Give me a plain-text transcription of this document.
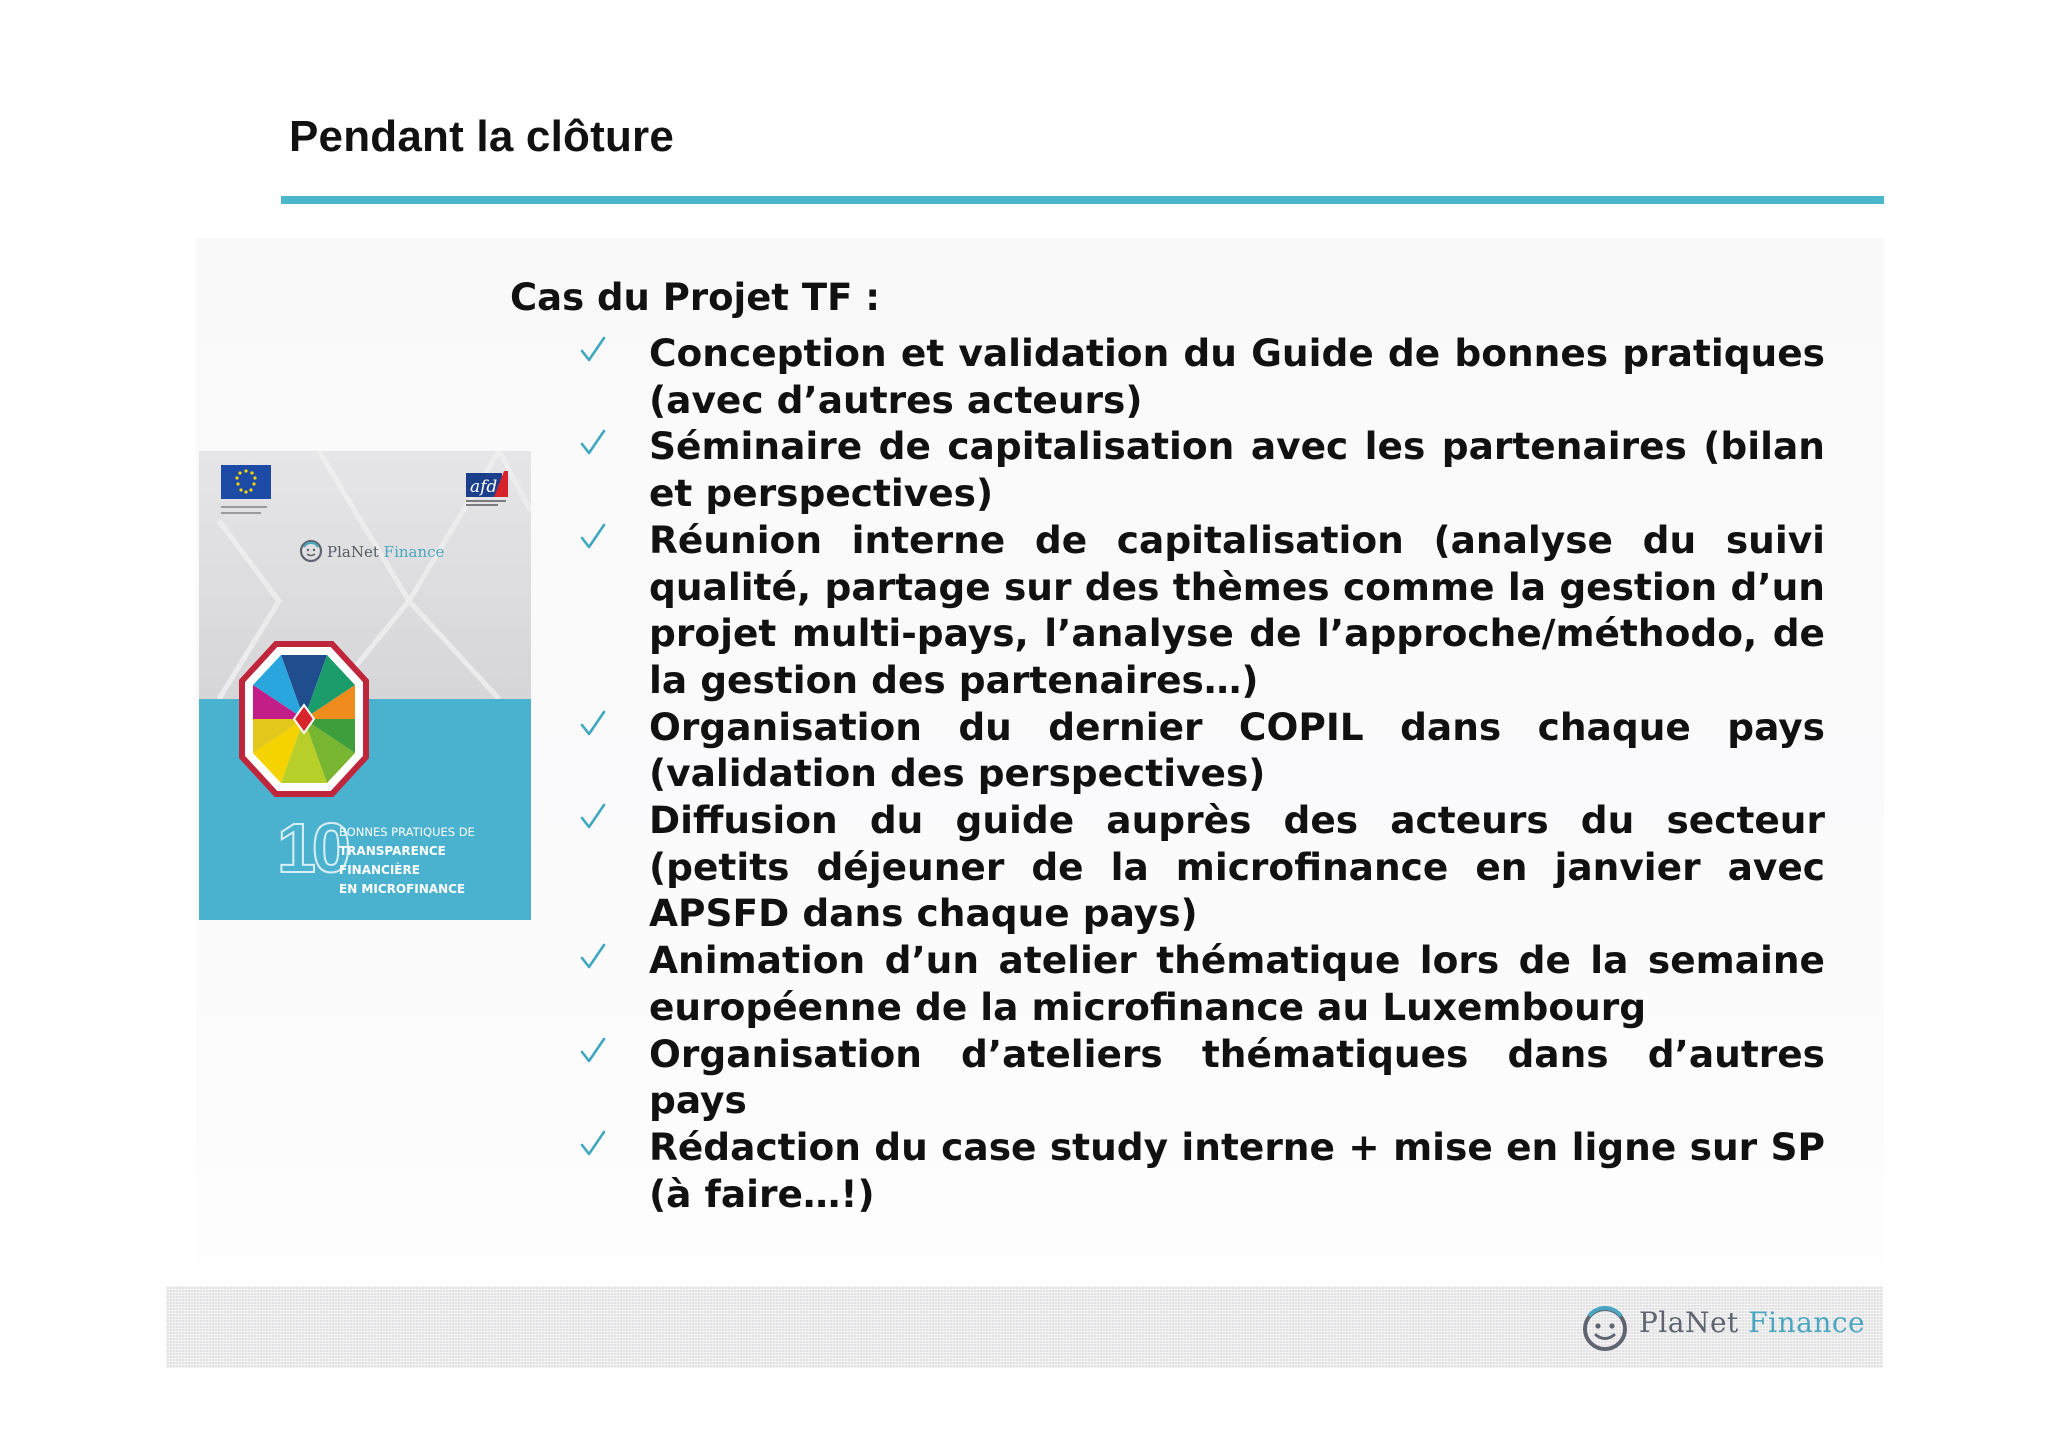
Pendant la clôture
afd
PlaNet Finance
10
BONNES PRATIQUES DE
TRANSPARENCE FINANCIÈRE
EN MICROFINANCE
Cas du Projet TF :
Conception et validation du Guide de bonnes pratiques (avec d’autres acteurs)
Séminaire de capitalisation avec les partenaires (bilan et perspectives)
Réunion interne de capitalisation (analyse du suivi qualité, partage sur des thèmes comme la gestion d’un projet multi-pays, l’analyse de l’approche/méthodo, de la gestion des partenaires…)
Organisation du dernier COPIL dans chaque pays (validation des perspectives)
Diffusion du guide auprès des acteurs du secteur (petits déjeuner de la microfinance en janvier avec APSFD dans chaque pays)
Animation d’un atelier thématique lors de la semaine européenne de la microfinance au Luxembourg
Organisation d’ateliers thématiques dans d’autres pays
Rédaction du case study interne + mise en ligne sur SP (à faire…!)
PlaNet Finance
